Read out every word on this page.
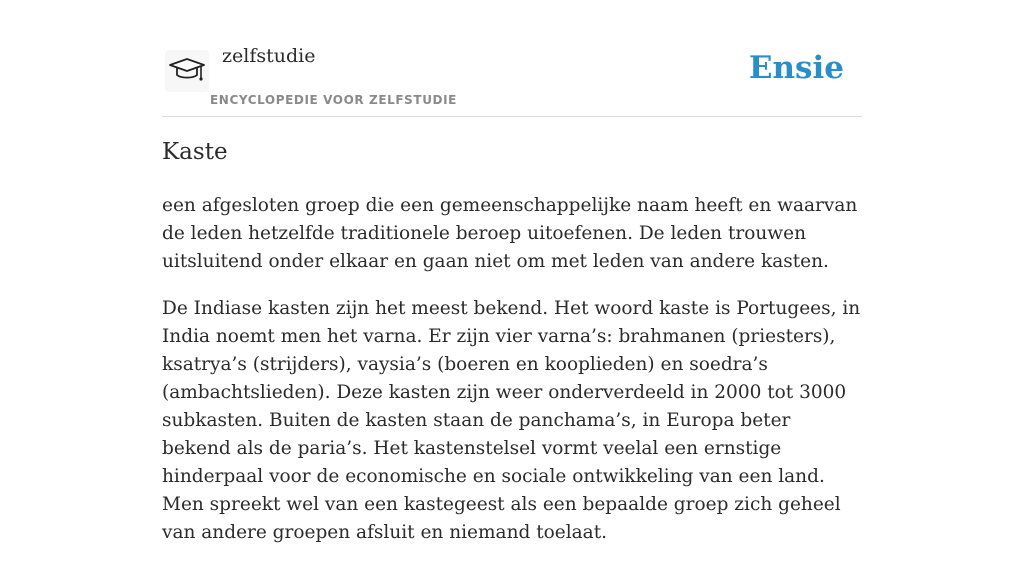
zelfstudie
ENCYCLOPEDIE VOOR ZELFSTUDIE
Ensie
Kaste

een afgesloten groep die een gemeenschappelijke naam heeft en waarvan de leden hetzelfde traditionele beroep uitoefenen. De leden trouwen uitsluitend onder elkaar en gaan niet om met leden van andere kasten.

De Indiase kasten zijn het meest bekend. Het woord kaste is Portugees, in India noemt men het varna. Er zijn vier varna’s: brahmanen (priesters), ksatrya’s (strijders), vaysia’s (boeren en kooplieden) en soedra’s (ambachtslieden). Deze kasten zijn weer onderverdeeld in 2000 tot 3000 subkasten. Buiten de kasten staan de panchama’s, in Europa beter bekend als de paria’s. Het kastenstelsel vormt veelal een ernstige hinderpaal voor de economische en sociale ontwikkeling van een land. Men spreekt wel van een kastegeest als een bepaalde groep zich geheel van andere groepen afsluit en niemand toelaat.
